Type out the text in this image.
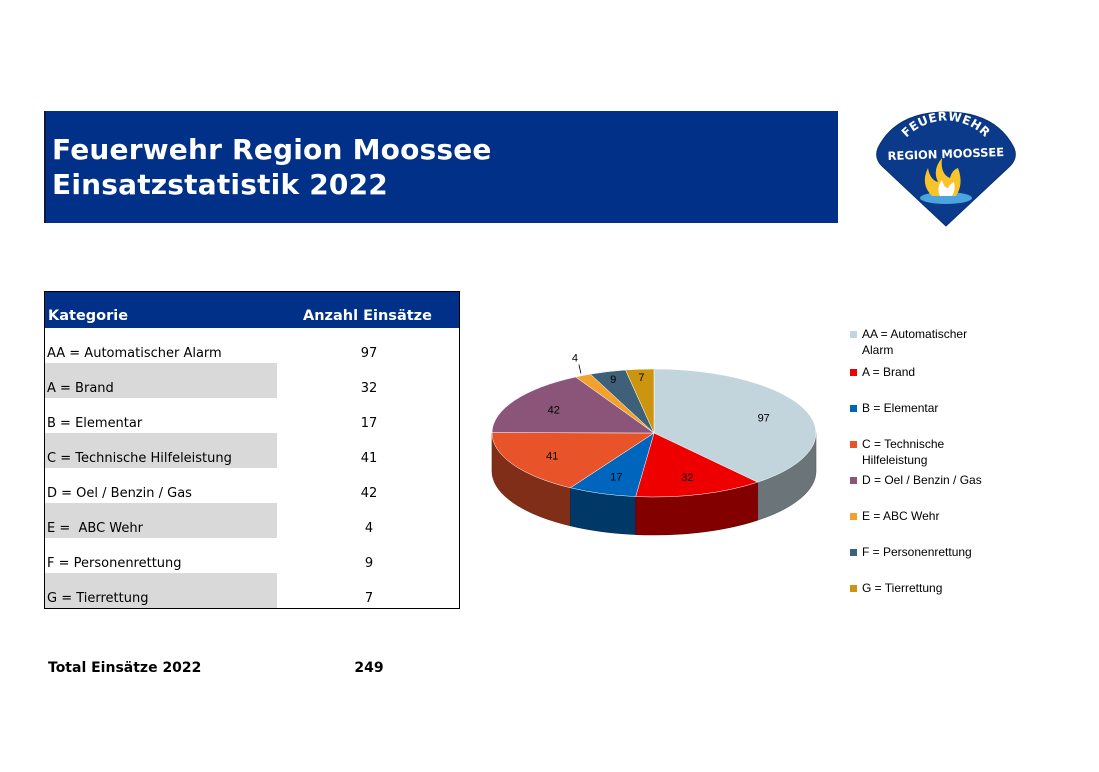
Feuerwehr Region Moossee
Einsatzstatistik 2022
FEUERWEHR
REGION MOOSSEE
Kategorie	Anzahl Einsätze
AA = Automatischer Alarm	97
A = Brand	32
B = Elementar	17
C = Technische Hilfeleistung	41
D = Oel / Benzin / Gas	42
E =  ABC Wehr	4
F = Personenrettung	9
G = Tierrettung	7
Total Einsätze 2022	249
97
32
17
41
42
4
9 7
AA = Automatischer Alarm
A = Brand
B = Elementar
C = Technische Hilfeleistung
D = Oel / Benzin / Gas
E = ABC Wehr
F = Personenrettung
G = Tierrettung
